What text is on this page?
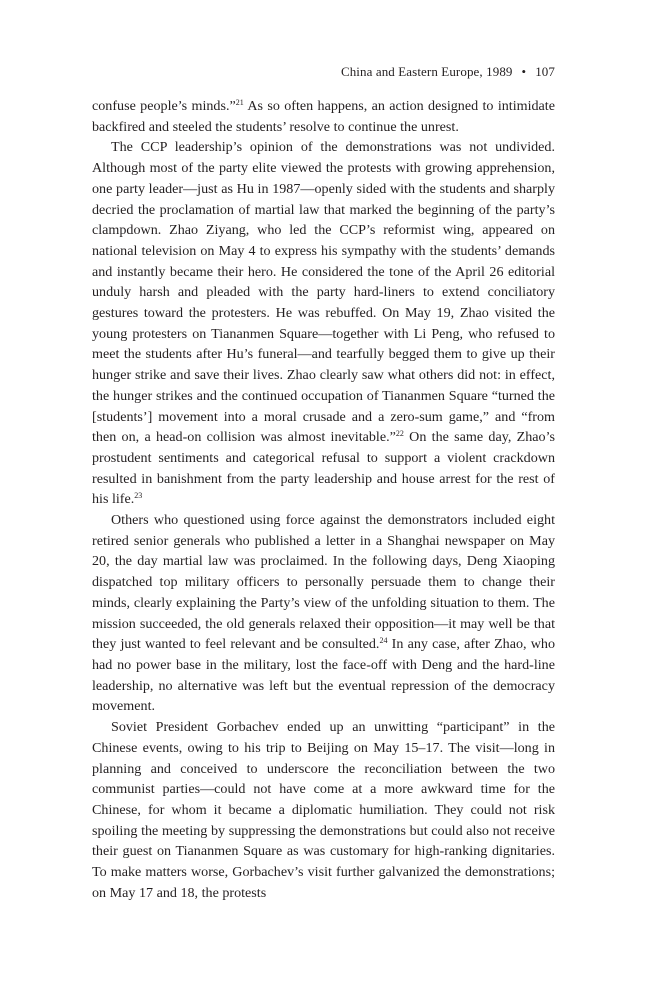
China and Eastern Europe, 1989 • 107

confuse people’s minds.”$^{21}$ As so often happens, an action designed to intimidate backfired and steeled the students’ resolve to continue the unrest.

The CCP leadership’s opinion of the demonstrations was not undivided. Although most of the party elite viewed the protests with growing apprehension, one party leader—just as Hu in 1987—openly sided with the students and sharply decried the proclamation of martial law that marked the beginning of the party’s clampdown. Zhao Ziyang, who led the CCP’s reformist wing, appeared on national television on May 4 to express his sympathy with the students’ demands and instantly became their hero. He considered the tone of the April 26 editorial unduly harsh and pleaded with the party hard-liners to extend conciliatory gestures toward the protesters. He was rebuffed. On May 19, Zhao visited the young protesters on Tiananmen Square—together with Li Peng, who refused to meet the students after Hu’s funeral—and tearfully begged them to give up their hunger strike and save their lives. Zhao clearly saw what others did not: in effect, the hunger strikes and the continued occupation of Tiananmen Square “turned the [students’] movement into a moral crusade and a zero-sum game,” and “from then on, a head-on collision was almost inevitable.”$^{22}$ On the same day, Zhao’s prostudent sentiments and categorical refusal to support a violent crackdown resulted in banishment from the party leadership and house arrest for the rest of his life.$^{23}$

Others who questioned using force against the demonstrators included eight retired senior generals who published a letter in a Shanghai newspaper on May 20, the day martial law was proclaimed. In the following days, Deng Xiaoping dispatched top military officers to personally persuade them to change their minds, clearly explaining the Party’s view of the unfolding situation to them. The mission succeeded, the old generals relaxed their opposition—it may well be that they just wanted to feel relevant and be consulted.$^{24}$ In any case, after Zhao, who had no power base in the military, lost the face-off with Deng and the hard-line leadership, no alternative was left but the eventual repression of the democracy movement.

Soviet President Gorbachev ended up an unwitting “participant” in the Chinese events, owing to his trip to Beijing on May 15–17. The visit—long in planning and conceived to underscore the reconciliation between the two communist parties—could not have come at a more awkward time for the Chinese, for whom it became a diplomatic humiliation. They could not risk spoiling the meeting by suppressing the demonstrations but could also not receive their guest on Tiananmen Square as was customary for high-ranking dignitaries. To make matters worse, Gorbachev’s visit further galvanized the demonstrations; on May 17 and 18, the protests
